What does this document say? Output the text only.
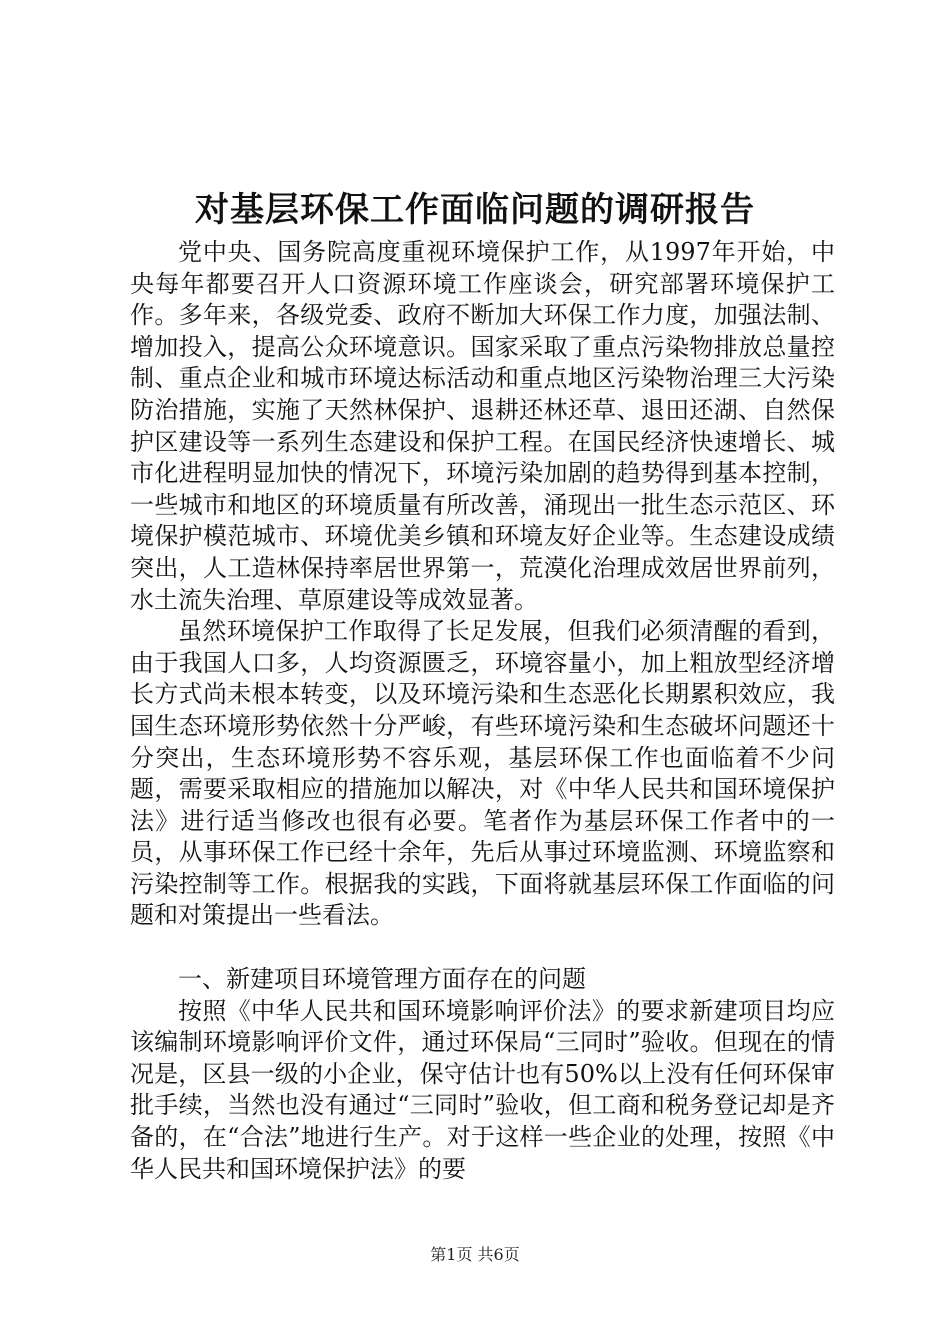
对基层环保工作面临问题的调研报告

党中央、国务院高度重视环境保护工作，从1997年开始，中央每年都要召开人口资源环境工作座谈会，研究部署环境保护工作。多年来，各级党委、政府不断加大环保工作力度，加强法制、增加投入，提高公众环境意识。国家采取了重点污染物排放总量控制、重点企业和城市环境达标活动和重点地区污染物治理三大污染防治措施，实施了天然林保护、退耕还林还草、退田还湖、自然保护区建设等一系列生态建设和保护工程。在国民经济快速增长、城市化进程明显加快的情况下，环境污染加剧的趋势得到基本控制，一些城市和地区的环境质量有所改善，涌现出一批生态示范区、环境保护模范城市、环境优美乡镇和环境友好企业等。生态建设成绩突出，人工造林保持率居世界第一，荒漠化治理成效居世界前列，水土流失治理、草原建设等成效显著。

虽然环境保护工作取得了长足发展，但我们必须清醒的看到，由于我国人口多，人均资源匮乏，环境容量小，加上粗放型经济增长方式尚未根本转变，以及环境污染和生态恶化长期累积效应，我国生态环境形势依然十分严峻，有些环境污染和生态破坏问题还十分突出，生态环境形势不容乐观，基层环保工作也面临着不少问题，需要采取相应的措施加以解决，对《中华人民共和国环境保护法》进行适当修改也很有必要。笔者作为基层环保工作者中的一员，从事环保工作已经十余年，先后从事过环境监测、环境监察和污染控制等工作。根据我的实践，下面将就基层环保工作面临的问题和对策提出一些看法。

一、新建项目环境管理方面存在的问题

按照《中华人民共和国环境影响评价法》的要求新建项目均应该编制环境影响评价文件，通过环保局“三同时”验收。但现在的情况是，区县一级的小企业，保守估计也有50%以上没有任何环保审批手续，当然也没有通过“三同时”验收，但工商和税务登记却是齐备的，在“合法”地进行生产。对于这样一些企业的处理，按照《中华人民共和国环境保护法》的要

第1页 共6页
